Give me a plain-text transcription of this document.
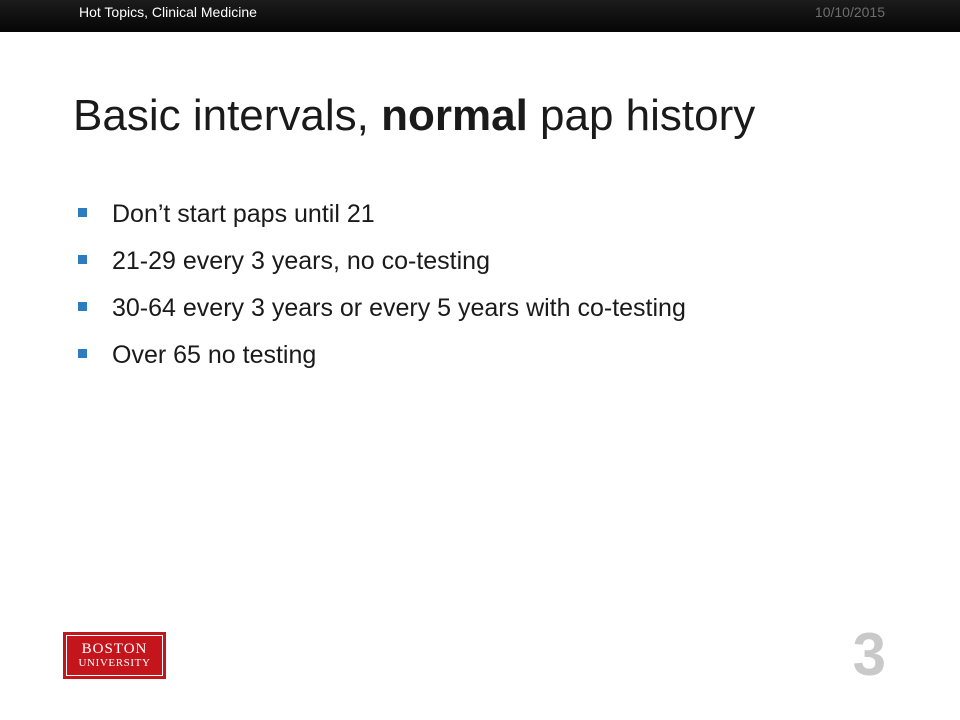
Hot Topics, Clinical Medicine	10/10/2015
Basic intervals, normal pap history
Don’t start paps until 21
21-29 every 3 years, no co-testing
30-64 every 3 years or every 5 years with co-testing
Over 65 no testing
BOSTON
UNIVERSITY	3
